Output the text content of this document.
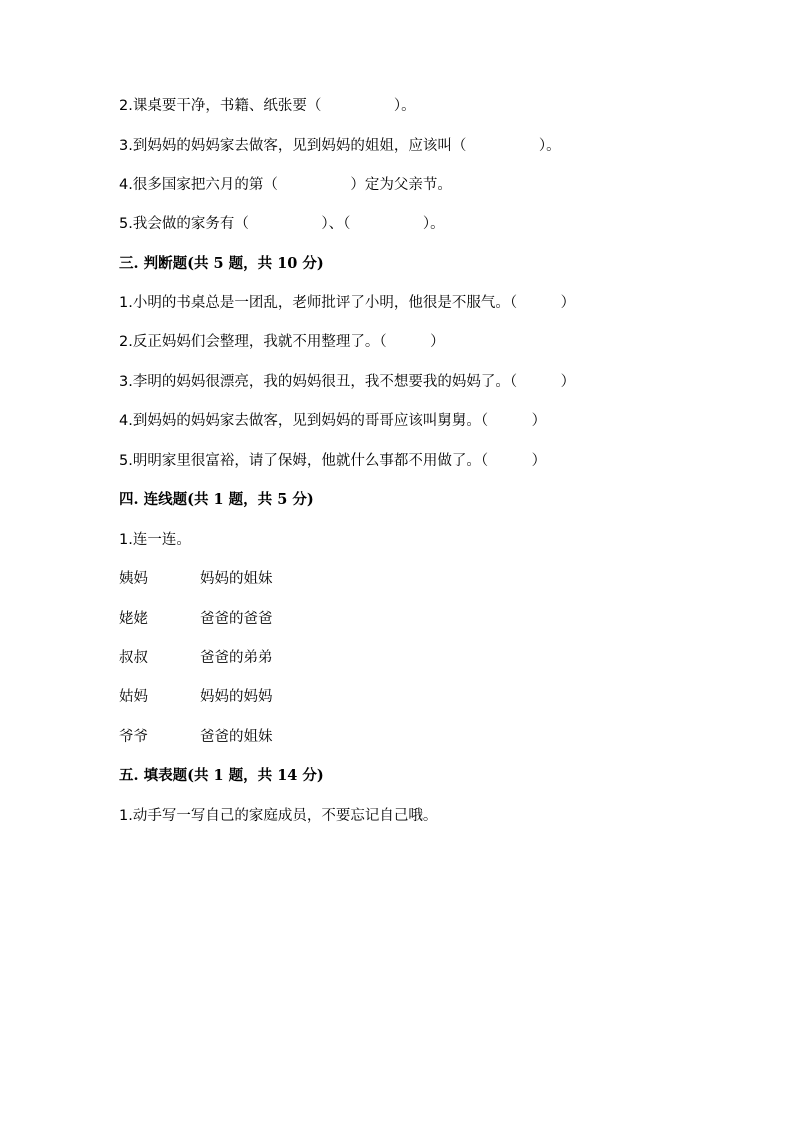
2.课桌要干净，书籍、纸张要（　　　　　）。
3.到妈妈的妈妈家去做客，见到妈妈的姐姐，应该叫（　　　　　）。
4.很多国家把六月的第（　　　　　）定为父亲节。
5.我会做的家务有（　　　　　）、（　　　　　）。
三. 判断题(共 5 题，共 10 分)
1.小明的书桌总是一团乱，老师批评了小明，他很是不服气。（　　　）
2.反正妈妈们会整理，我就不用整理了。（　　　）
3.李明的妈妈很漂亮，我的妈妈很丑，我不想要我的妈妈了。（　　　）
4.到妈妈的妈妈家去做客，见到妈妈的哥哥应该叫舅舅。（　　　）
5.明明家里很富裕，请了保姆，他就什么事都不用做了。（　　　）
四. 连线题(共 1 题，共 5 分)
1.连一连。
姨妈	妈妈的姐妹
姥姥	爸爸的爸爸
叔叔	爸爸的弟弟
姑妈	妈妈的妈妈
爷爷	爸爸的姐妹
五. 填表题(共 1 题，共 14 分)
1.动手写一写自己的家庭成员，不要忘记自己哦。
